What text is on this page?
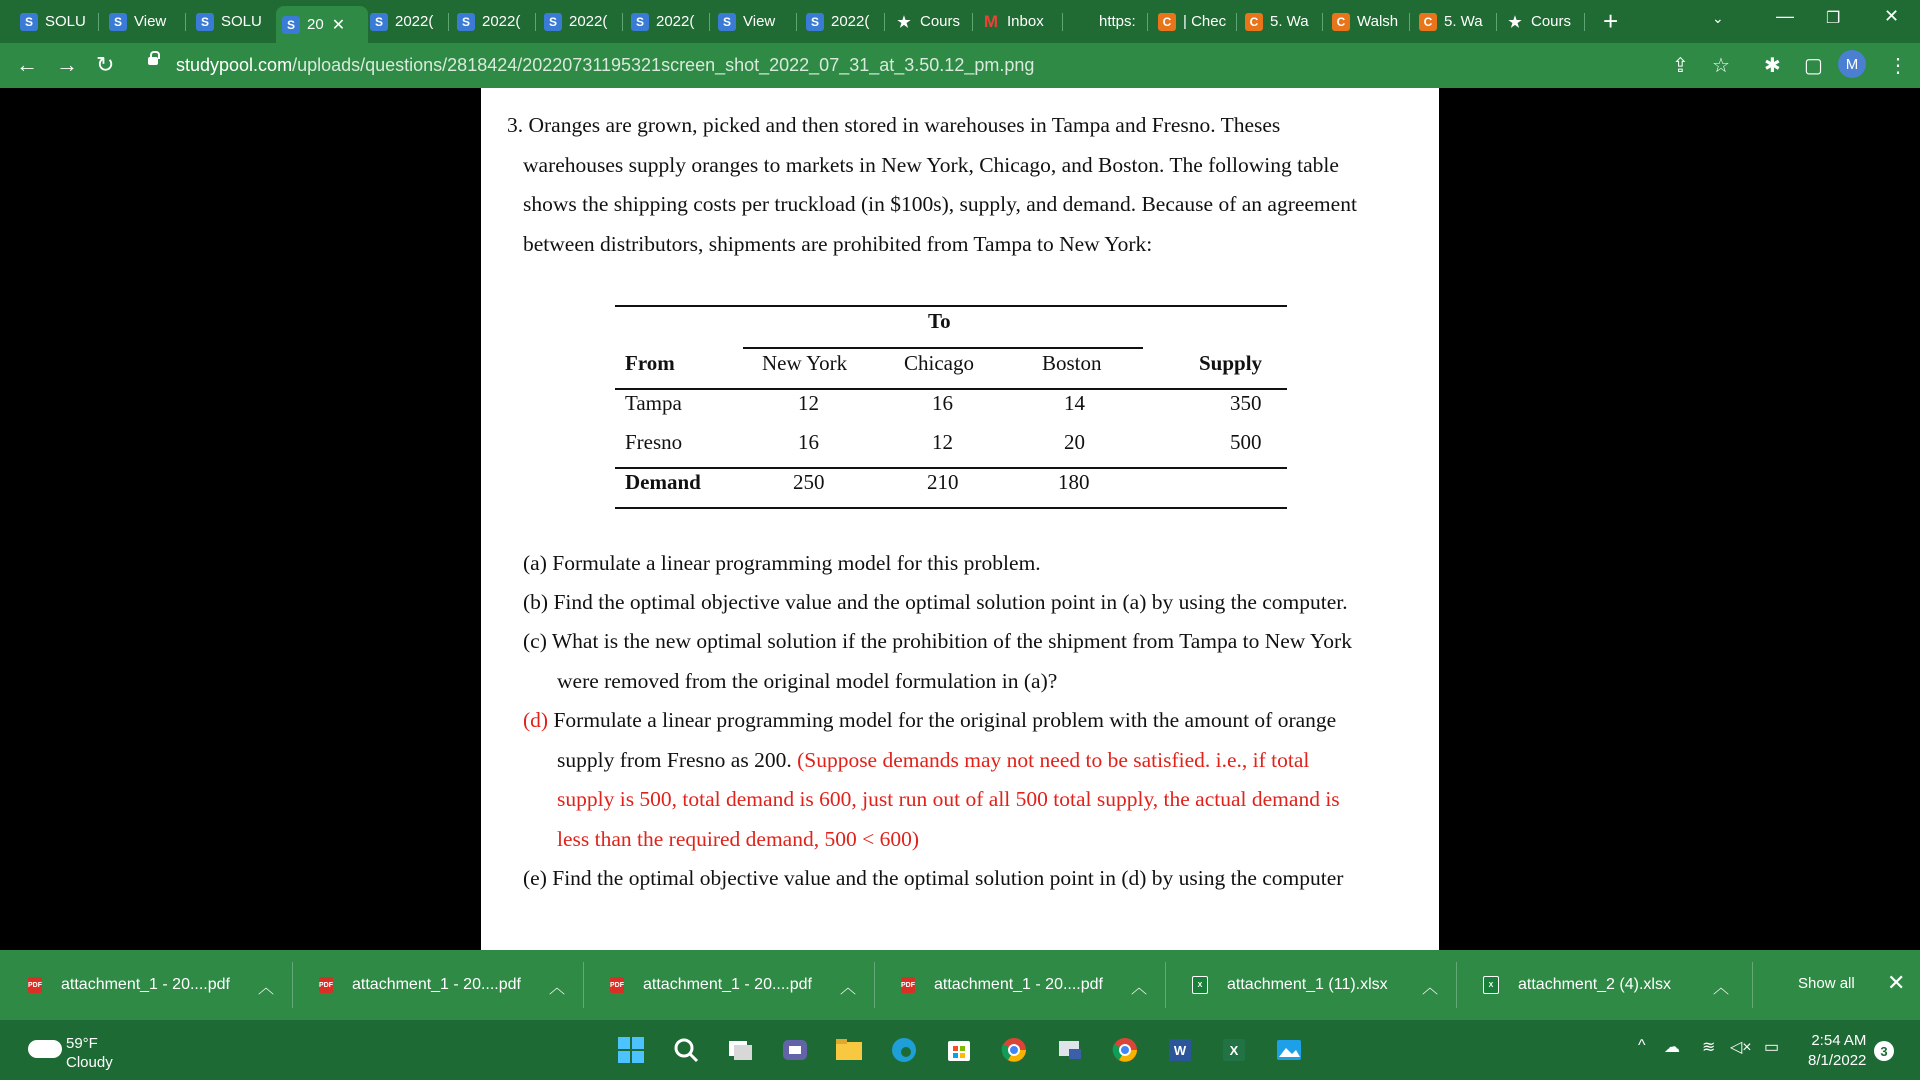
S SOLU	S View	S SOLU	S 20 ✕	S 2022(	S 2022(	S 2022(	S 2022(	S View	S 2022( ★ Cours M Inbox	https:	C | Chec	C 5. Wa	C Walsh	C 5. Wa ★ Cours +	⌄	— ❐ ✕
← → ↻	studypool.com/uploads/questions/2818424/20220731195321screen_shot_2022_07_31_at_3.50.12_pm.png	⇪ ☆ ✱ ▢	M	⋮
3. Oranges are grown, picked and then stored in warehouses in Tampa and Fresno. Theses
warehouses supply oranges to markets in New York, Chicago, and Boston. The following table
shows the shipping costs per truckload (in $100s), supply, and demand. Because of an agreement
between distributors, shipments are prohibited from Tampa to New York:
To
From	New York	Chicago	Boston	Supply
Tampa	12	16	14	350
Fresno	16	12	20	500
Demand	250	210	180
(a) Formulate a linear programming model for this problem.
(b) Find the optimal objective value and the optimal solution point in (a) by using the computer.
(c) What is the new optimal solution if the prohibition of the shipment from Tampa to New York
were removed from the original model formulation in (a)?
(d) Formulate a linear programming model for the original problem with the amount of orange
supply from Fresno as 200. (Suppose demands may not need to be satisfied. i.e., if total
supply is 500, total demand is 600, just run out of all 500 total supply, the actual demand is
less than the required demand, 500 < 600)
(e) Find the optimal objective value and the optimal solution point in (d) by using the computer
PDF attachment_1 - 20....pdf ︿	PDF attachment_1 - 20....pdf ︿	PDF attachment_1 - 20....pdf ︿	PDF attachment_1 - 20....pdf ︿	X	attachment_1 (11).xlsx ︿	X	attachment_2 (4).xlsx	︿	Show all ✕
59°F
Cloudy
W	X	^ ☁ ≋ ◁× ▭ 2:54 AM
8/1/2022
3
